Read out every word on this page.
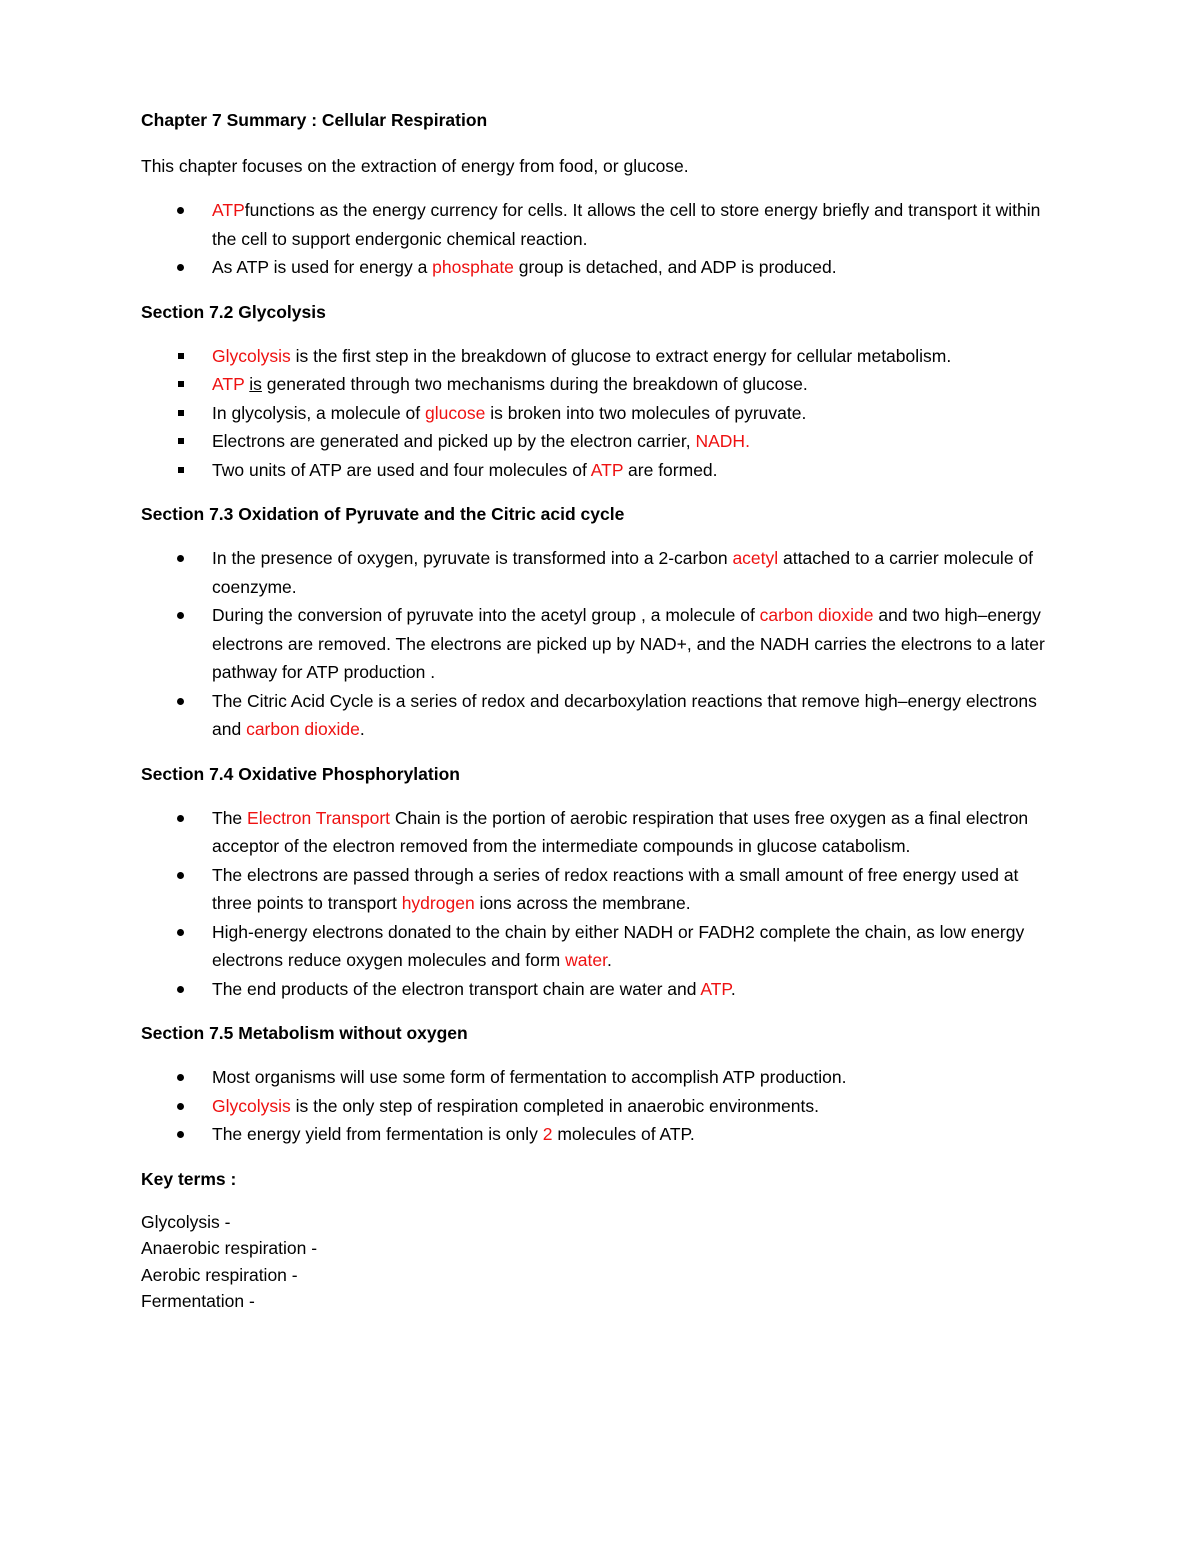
Chapter 7 Summary : Cellular Respiration

This chapter focuses on the extraction of energy from food, or glucose.

ATPfunctions as the energy currency for cells. It allows the cell to store energy briefly and transport it within the cell to support endergonic chemical reaction.
As ATP is used for energy a phosphate group is detached, and ADP is produced.

Section 7.2 Glycolysis

Glycolysis is the first step in the breakdown of glucose to extract energy for cellular metabolism.
ATP is generated through two mechanisms during the breakdown of glucose.
In glycolysis, a molecule of glucose is broken into two molecules of pyruvate.
Electrons are generated and picked up by the electron carrier, NADH.
Two units of ATP are used and four molecules of ATP are formed.

Section 7.3 Oxidation of Pyruvate and the Citric acid cycle

In the presence of oxygen, pyruvate is transformed into a 2-carbon acetyl attached to a carrier molecule of coenzyme.
During the conversion of pyruvate into the acetyl group , a molecule of carbon dioxide and two high–energy electrons are removed. The electrons are picked up by NAD+, and the NADH carries the electrons to a later pathway for ATP production .
The Citric Acid Cycle is a series of redox and decarboxylation reactions that remove high–energy electrons and carbon dioxide.

Section 7.4 Oxidative Phosphorylation

The Electron Transport Chain is the portion of aerobic respiration that uses free oxygen as a final electron acceptor of the electron removed from the intermediate compounds in glucose catabolism.
The electrons are passed through a series of redox reactions with a small amount of free energy used at three points to transport hydrogen ions across the membrane.
High-energy electrons donated to the chain by either NADH or FADH2 complete the chain, as low energy electrons reduce oxygen molecules and form water.
The end products of the electron transport chain are water and ATP.

Section 7.5 Metabolism without oxygen

Most organisms will use some form of fermentation to accomplish ATP production.
Glycolysis is the only step of respiration completed in anaerobic environments.
The energy yield from fermentation is only 2 molecules of ATP.

Key terms :

Glycolysis -
Anaerobic respiration -
Aerobic respiration -
Fermentation -
